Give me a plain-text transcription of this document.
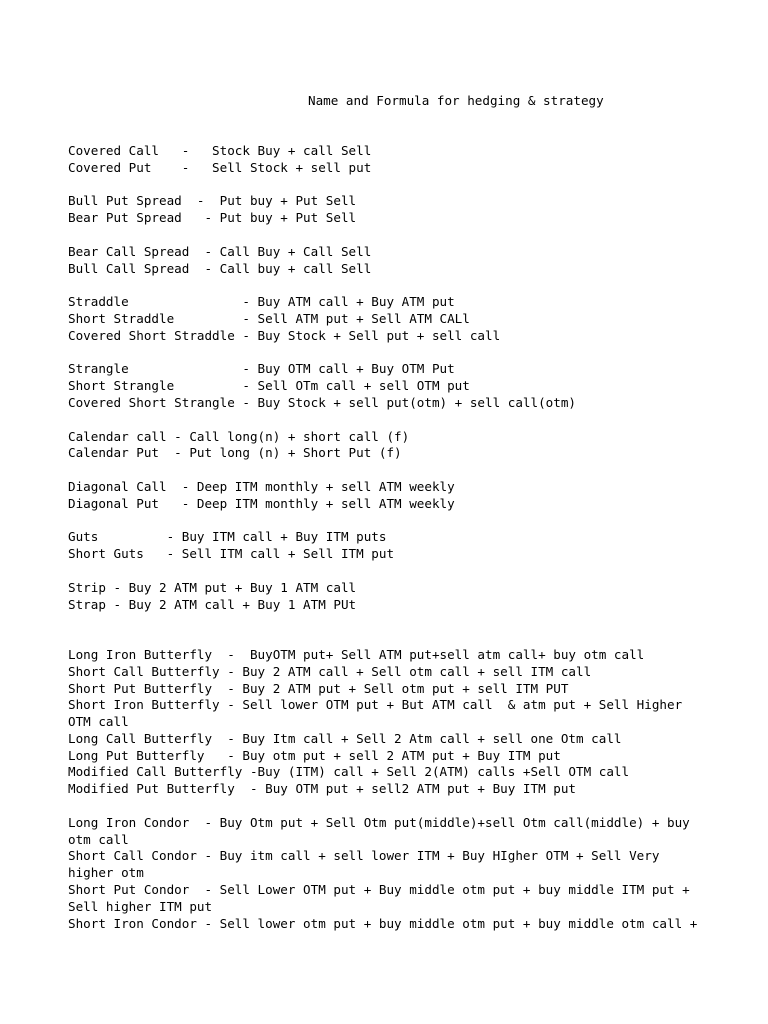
Name and Formula for hedging & strategy
Covered Call   -   Stock Buy + call Sell
Covered Put    -   Sell Stock + sell put
Bull Put Spread  -  Put buy + Put Sell
Bear Put Spread   - Put buy + Put Sell
Bear Call Spread  - Call Buy + Call Sell
Bull Call Spread  - Call buy + call Sell
Straddle               - Buy ATM call + Buy ATM put
Short Straddle         - Sell ATM put + Sell ATM CALl
Covered Short Straddle - Buy Stock + Sell put + sell call
Strangle               - Buy OTM call + Buy OTM Put
Short Strangle         - Sell OTm call + sell OTM put
Covered Short Strangle - Buy Stock + sell put(otm) + sell call(otm)
Calendar call - Call long(n) + short call (f)
Calendar Put  - Put long (n) + Short Put (f)
Diagonal Call  - Deep ITM monthly + sell ATM weekly
Diagonal Put   - Deep ITM monthly + sell ATM weekly
Guts         - Buy ITM call + Buy ITM puts
Short Guts   - Sell ITM call + Sell ITM put
Strip - Buy 2 ATM put + Buy 1 ATM call
Strap - Buy 2 ATM call + Buy 1 ATM PUt
Long Iron Butterfly  -  BuyOTM put+ Sell ATM put+sell atm call+ buy otm call
Short Call Butterfly - Buy 2 ATM call + Sell otm call + sell ITM call
Short Put Butterfly  - Buy 2 ATM put + Sell otm put + sell ITM PUT
Short Iron Butterfly - Sell lower OTM put + But ATM call  & atm put + Sell Higher
OTM call
Long Call Butterfly  - Buy Itm call + Sell 2 Atm call + sell one Otm call
Long Put Butterfly   - Buy otm put + sell 2 ATM put + Buy ITM put
Modified Call Butterfly -Buy (ITM) call + Sell 2(ATM) calls +Sell OTM call
Modified Put Butterfly  - Buy OTM put + sell2 ATM put + Buy ITM put
Long Iron Condor  - Buy Otm put + Sell Otm put(middle)+sell Otm call(middle) + buy
otm call
Short Call Condor - Buy itm call + sell lower ITM + Buy HIgher OTM + Sell Very
higher otm
Short Put Condor  - Sell Lower OTM put + Buy middle otm put + buy middle ITM put +
Sell higher ITM put
Short Iron Condor - Sell lower otm put + buy middle otm put + buy middle otm call +
